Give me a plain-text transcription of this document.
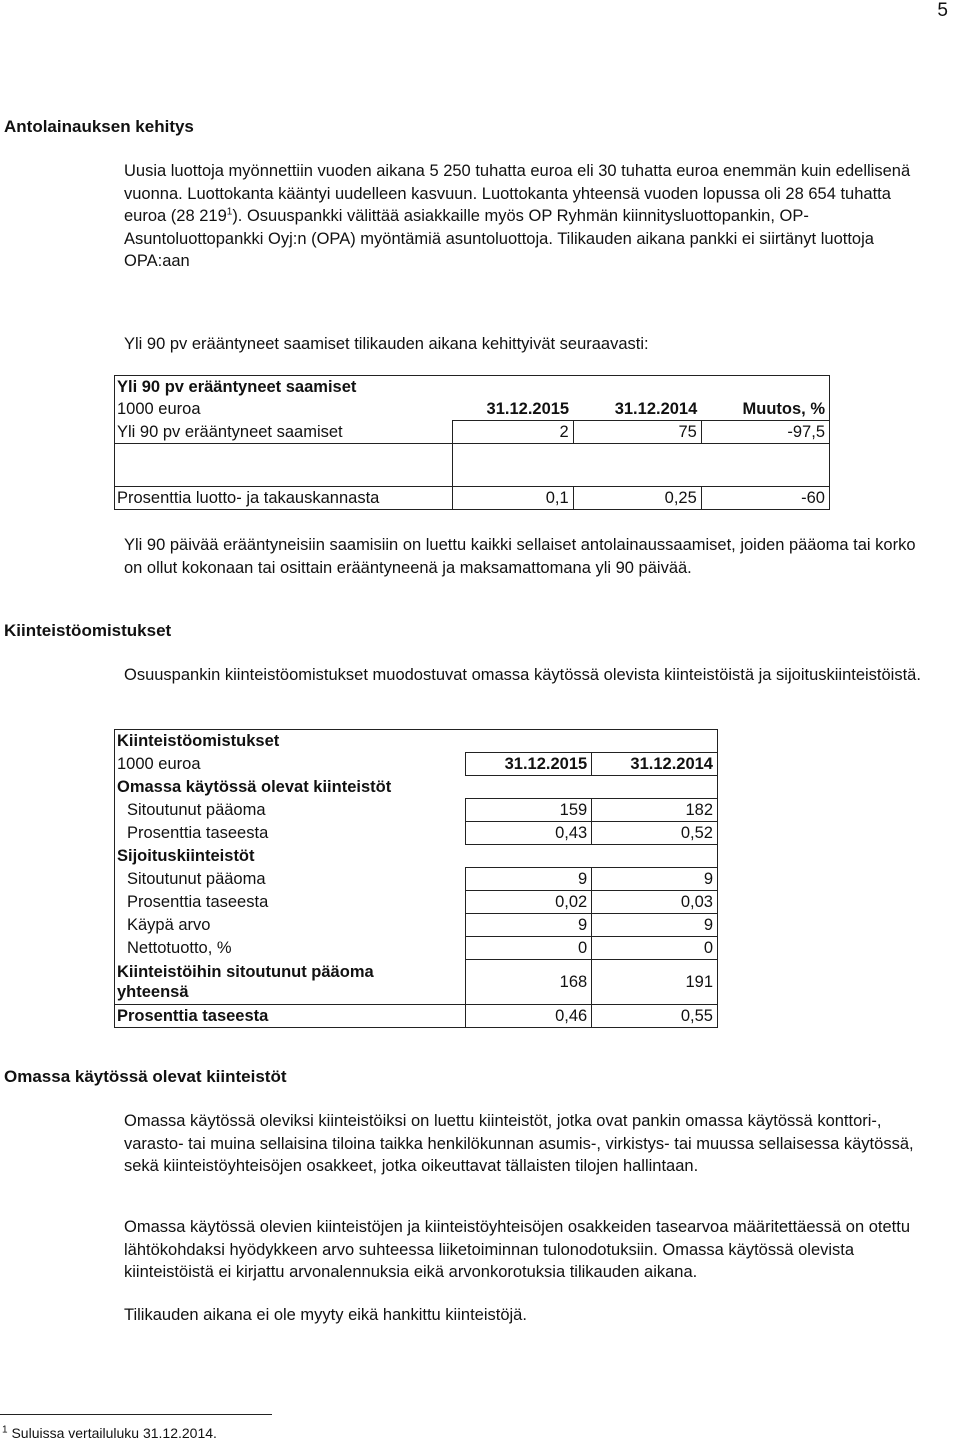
5
Antolainauksen kehitys

Uusia luottoja myönnettiin vuoden aikana 5 250 tuhatta euroa eli 30 tuhatta euroa enemmän kuin edellisenä vuonna. Luottokanta kääntyi uudelleen kasvuun. Luottokanta yhteensä vuoden lopussa oli 28 654 tuhatta euroa (28 $219^1$). Osuuspankki välittää asiakkaille myös OP Ryhmän kiinnitysluottopankin, OP-Asuntoluottopankki Oyj:n (OPA) myöntämiä asuntoluottoja. Tilikauden aikana pankki ei siirtänyt luottoja OPA:aan

Yli 90 pv erääntyneet saamiset tilikauden aikana kehittyivät seuraavasti:
Yli 90 pv erääntyneet saamiset			
1000 euroa	31.12.2015	31.12.2014	Muutos, %
Yli 90 pv erääntyneet saamiset	2	75	-97,5

Prosenttia luotto- ja takauskannasta	0,1	0,25	-60
Yli 90 päivää erääntyneisiin saamisiin on luettu kaikki sellaiset antolainaussaamiset, joiden pääoma tai korko on ollut kokonaan tai osittain erääntyneenä ja maksamattomana yli 90 päivää.
Kiinteistöomistukset
Osuuspankin kiinteistöomistukset muodostuvat omassa käytössä olevista kiinteistöistä ja sijoituskiinteistöistä.
Kiinteistöomistukset		
1000 euroa	31.12.2015	31.12.2014
Omassa käytössä olevat kiinteistöt		
Sitoutunut pääoma	159	182
Prosenttia taseesta	0,43	0,52
Sijoituskiinteistöt		
Sitoutunut pääoma	9	9
Prosenttia taseesta	0,02	0,03
Käypä arvo	9	9
Nettotuotto, %	0	0
Kiinteistöihin sitoutunut pääoma
yhteensä	168	191
Prosenttia taseesta	0,46	0,55
Omassa käytössä olevat kiinteistöt
Omassa käytössä oleviksi kiinteistöiksi on luettu kiinteistöt, jotka ovat pankin omassa käytössä konttori-, varasto- tai muina sellaisina tiloina taikka henkilökunnan asumis-, virkistys- tai muussa sellaisessa käytössä, sekä kiinteistöyhteisöjen osakkeet, jotka oikeuttavat tällaisten tilojen hallintaan.
Omassa käytössä olevien kiinteistöjen ja kiinteistöyhteisöjen osakkeiden tasearvoa määritettäessä on otettu lähtökohdaksi hyödykkeen arvo suhteessa liiketoiminnan tulonodotuksiin. Omassa käytössä olevista kiinteistöistä ei kirjattu arvonalennuksia eikä arvonkorotuksia tilikauden aikana.
Tilikauden aikana ei ole myyty eikä hankittu kiinteistöjä.
$^1$ Suluissa vertailuluku 31.12.2014.
